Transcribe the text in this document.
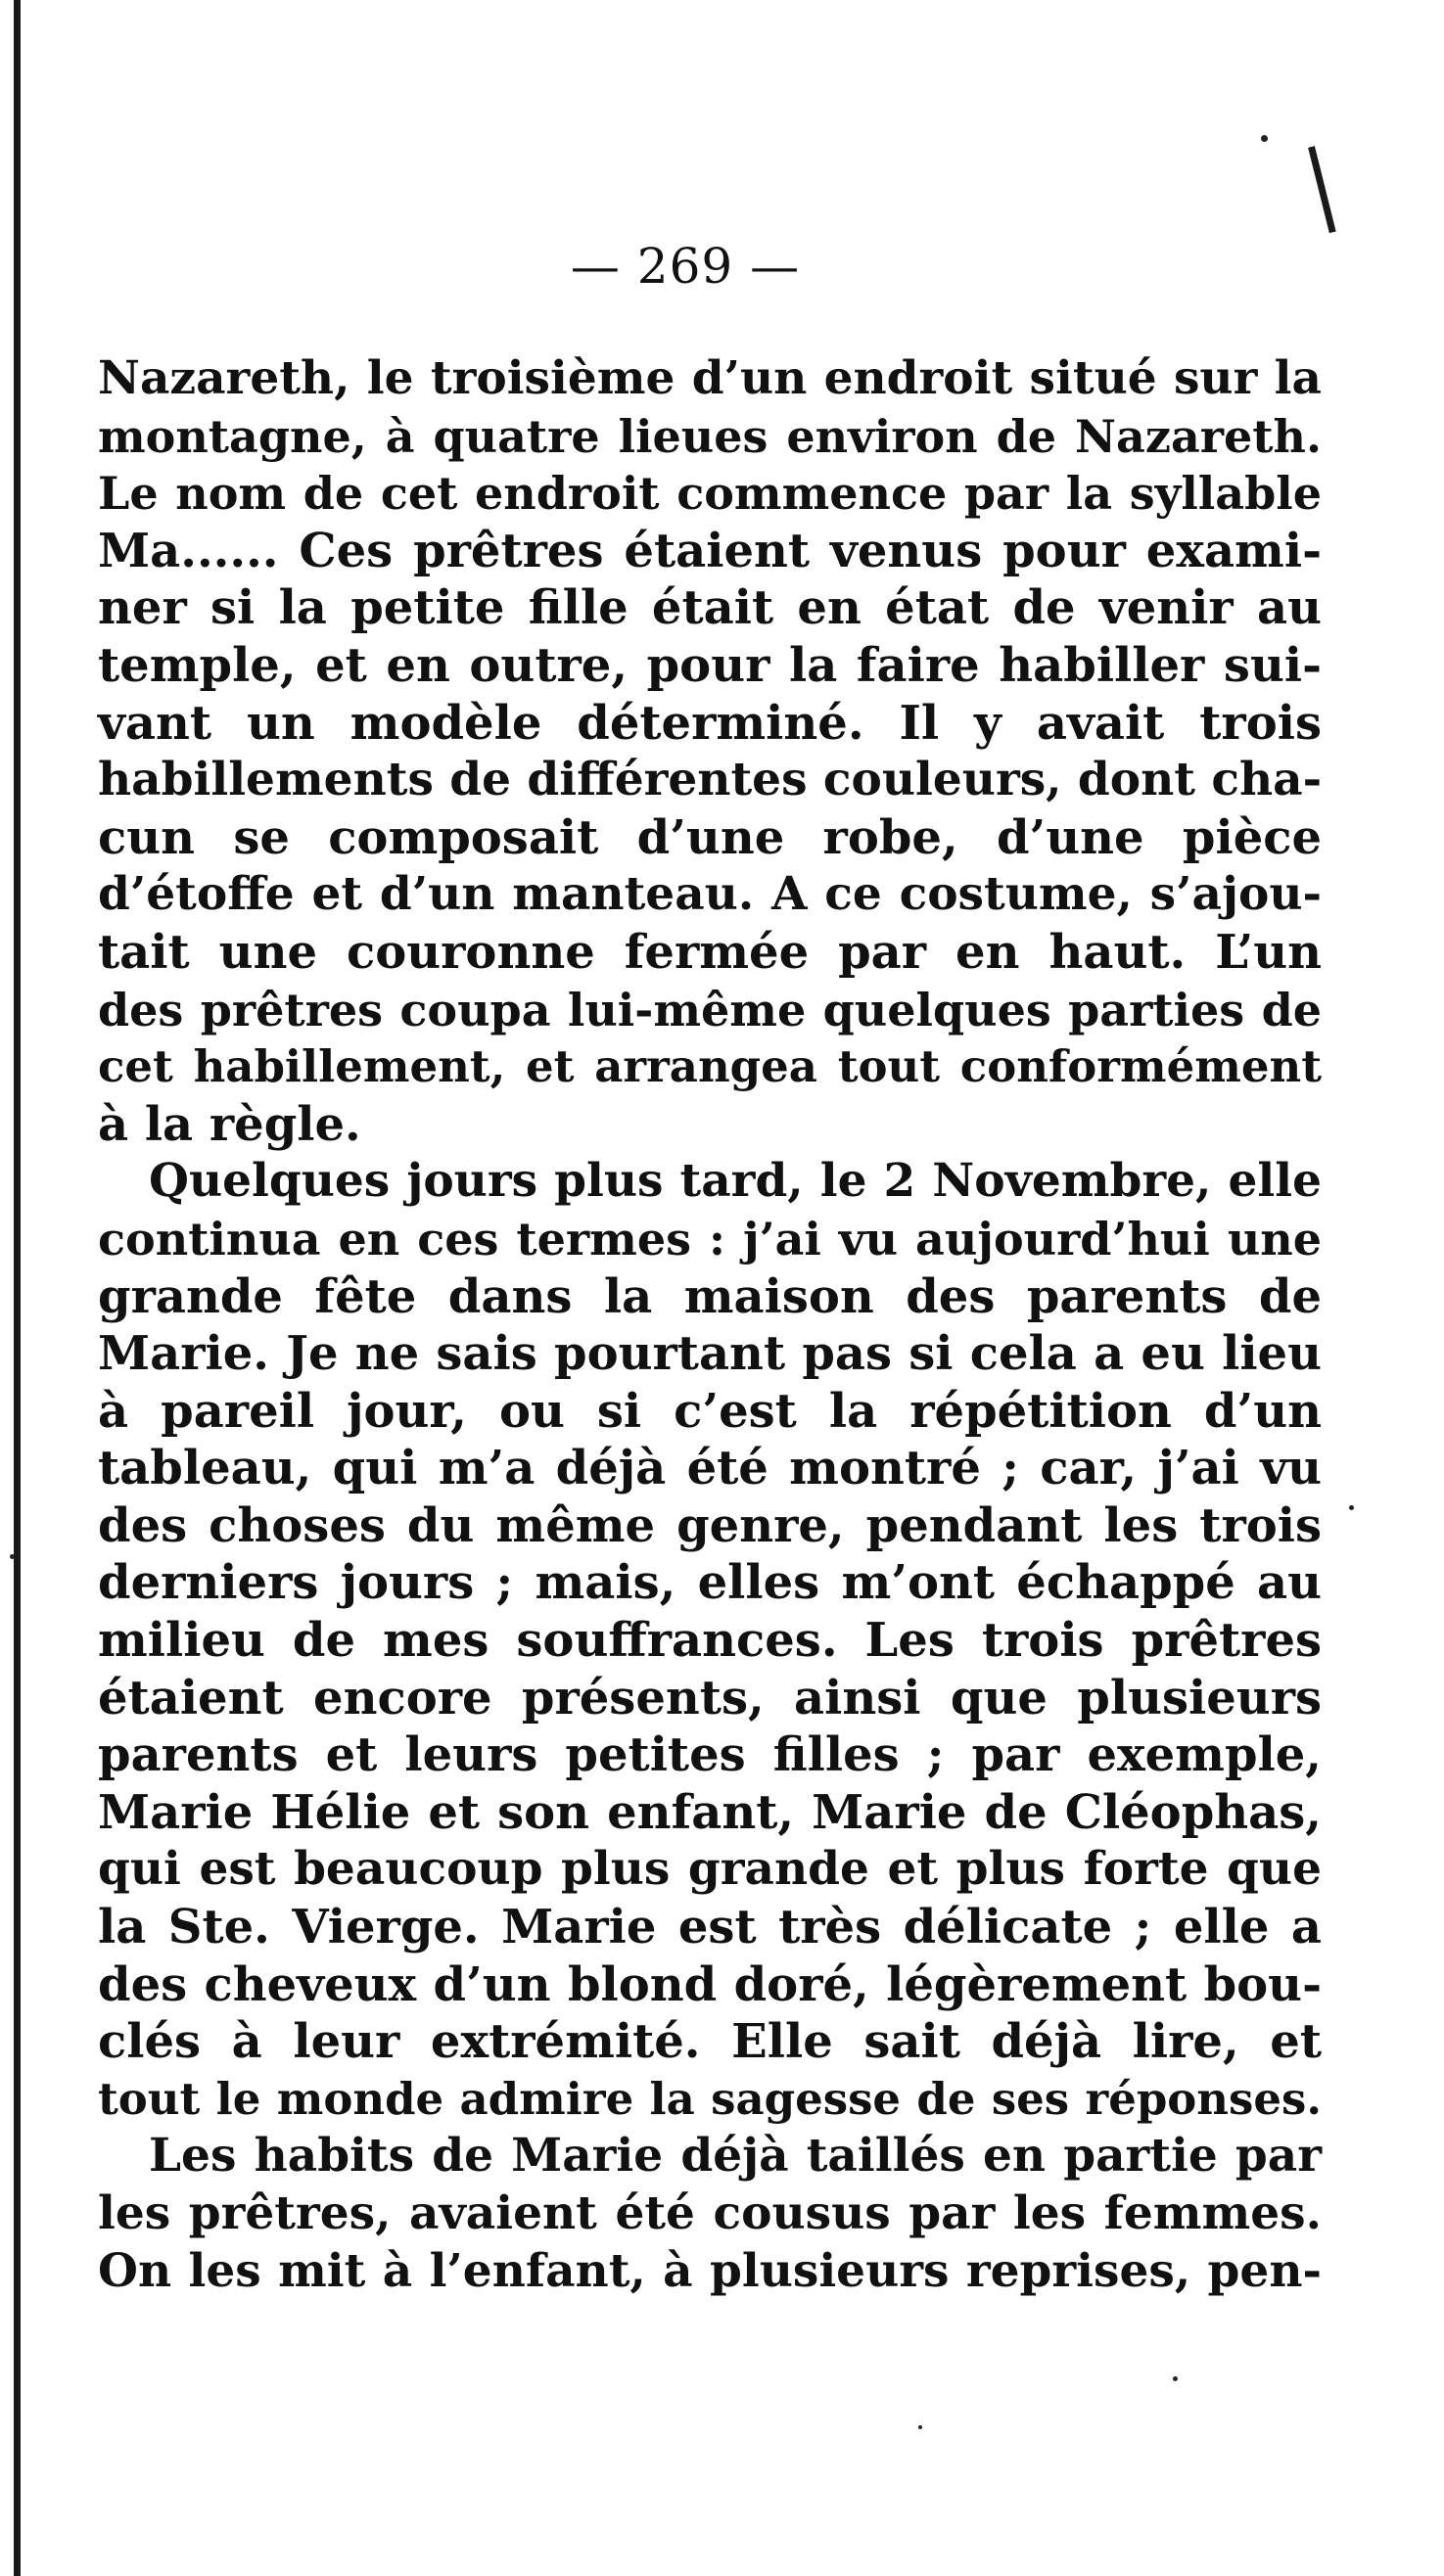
— 269 —
Nazareth, le troisième d’un endroit situé sur la
montagne, à quatre lieues environ de Nazareth.
Le nom de cet endroit commence par la syllable
Ma...... Ces prêtres étaient venus pour exami-
ner si la petite fille était en état de venir au
temple, et en outre, pour la faire habiller sui-
vant un modèle déterminé. Il y avait trois
habillements de différentes couleurs, dont cha-
cun se composait d’une robe, d’une pièce
d’étoffe et d’un manteau. A ce costume, s’ajou-
tait une couronne fermée par en haut. L’un
des prêtres coupa lui-même quelques parties de
cet habillement, et arrangea tout conformément
à la règle.
Quelques jours plus tard, le 2 Novembre, elle
continua en ces termes : j’ai vu aujourd’hui une
grande fête dans la maison des parents de
Marie. Je ne sais pourtant pas si cela a eu lieu
à pareil jour, ou si c’est la répétition d’un
tableau, qui m’a déjà été montré ; car, j’ai vu
des choses du même genre, pendant les trois
derniers jours ; mais, elles m’ont échappé au
milieu de mes souffrances. Les trois prêtres
étaient encore présents, ainsi que plusieurs
parents et leurs petites filles ; par exemple,
Marie Hélie et son enfant, Marie de Cléophas,
qui est beaucoup plus grande et plus forte que
la Ste. Vierge. Marie est très délicate ; elle a
des cheveux d’un blond doré, légèrement bou-
clés à leur extrémité. Elle sait déjà lire, et
tout le monde admire la sagesse de ses réponses.
Les habits de Marie déjà taillés en partie par
les prêtres, avaient été cousus par les femmes.
On les mit à l’enfant, à plusieurs reprises, pen-
